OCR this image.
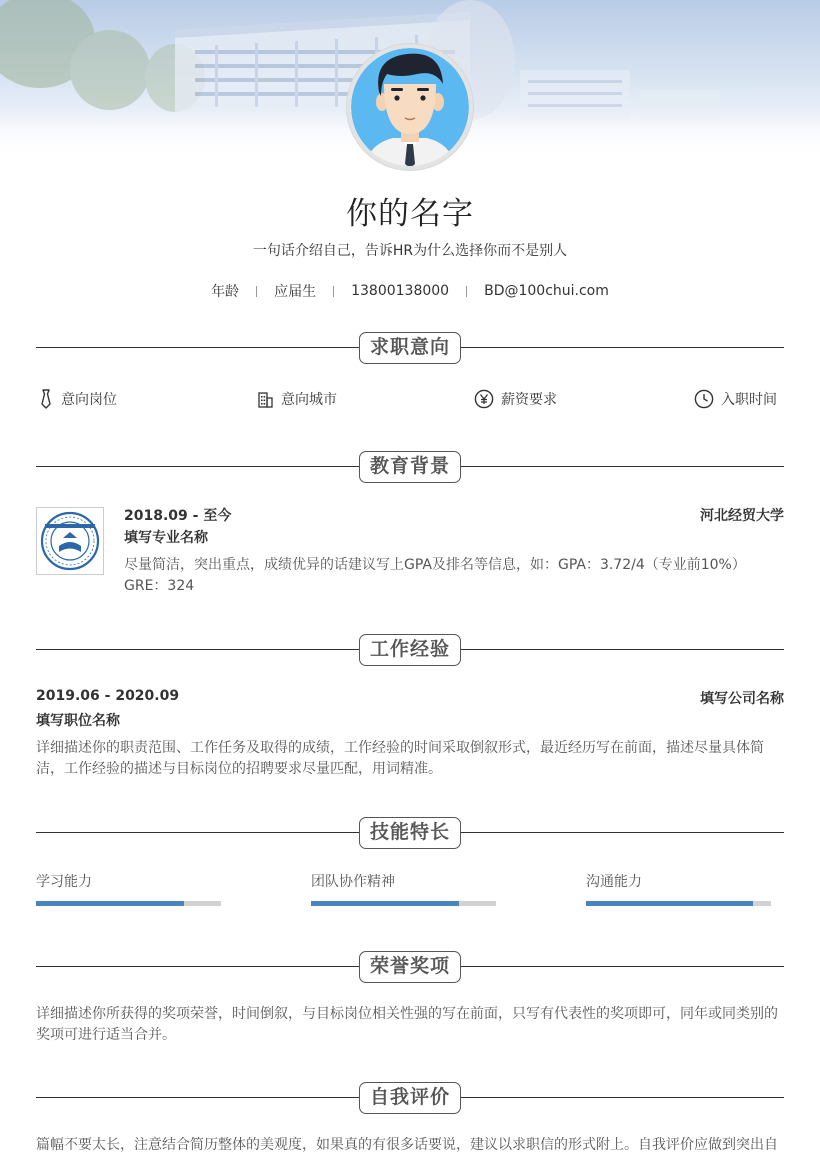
你的名字
一句话介绍自己，告诉HR为什么选择你而不是别人
年龄	应届生	13800138000	BD@100chui.com
求职意向
意向岗位	意向城市	薪资要求	入职时间
教育背景
2018.09 - 至今
填写专业名称
河北经贸大学
尽量简洁，突出重点，成绩优异的话建议写上GPA及排名等信息，如：GPA：3.72/4（专业前10%） GRE：324
工作经验
2019.06 - 2020.09
填写职位名称
填写公司名称
详细描述你的职责范围、工作任务及取得的成绩，工作经验的时间采取倒叙形式，最近经历写在前面，描述尽量具体简洁，工作经验的描述与目标岗位的招聘要求尽量匹配，用词精准。
技能特长
学习能力	团队协作精神	沟通能力
荣誉奖项
详细描述你所获得的奖项荣誉，时间倒叙，与目标岗位相关性强的写在前面，只写有代表性的奖项即可，同年或同类别的奖项可进行适当合并。
自我评价
篇幅不要太长，注意结合简历整体的美观度，如果真的有很多话要说，建议以求职信的形式附上。自我评价应做到突出自
